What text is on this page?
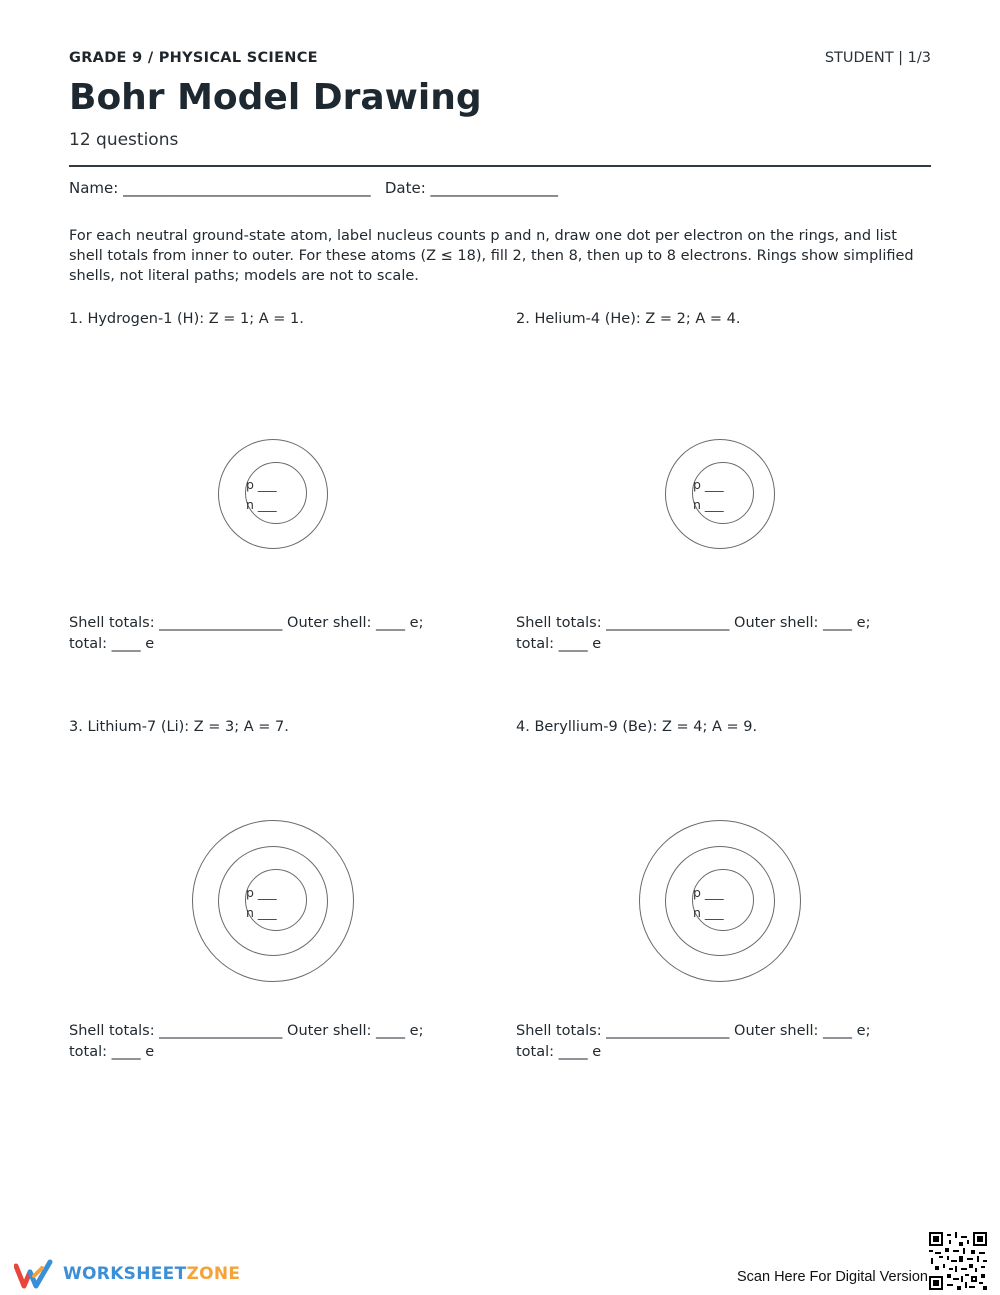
GRADE 9 / PHYSICAL SCIENCE	STUDENT | 1/3
Bohr Model Drawing
12 questions
Name: _________________________________   Date: _________________
For each neutral ground-state atom, label nucleus counts p and n, draw one dot per electron on the rings, and list shell totals from inner to outer. For these atoms (Z ≤ 18), fill 2, then 8, then up to 8 electrons. Rings show simplified shells, not literal paths; models are not to scale.
1. Hydrogen-1 (H): Z = 1; A = 1.
p ___
n ___
Shell totals: _________________ Outer shell: ____ e;
total: ____ e
2. Helium-4 (He): Z = 2; A = 4.
p ___
n ___
Shell totals: _________________ Outer shell: ____ e;
total: ____ e
3. Lithium-7 (Li): Z = 3; A = 7.
p ___
n ___
Shell totals: _________________ Outer shell: ____ e;
total: ____ e
4. Beryllium-9 (Be): Z = 4; A = 9.
p ___
n ___
Shell totals: _________________ Outer shell: ____ e;
total: ____ e
WORKSHEETZONE	Scan Here For Digital Version
